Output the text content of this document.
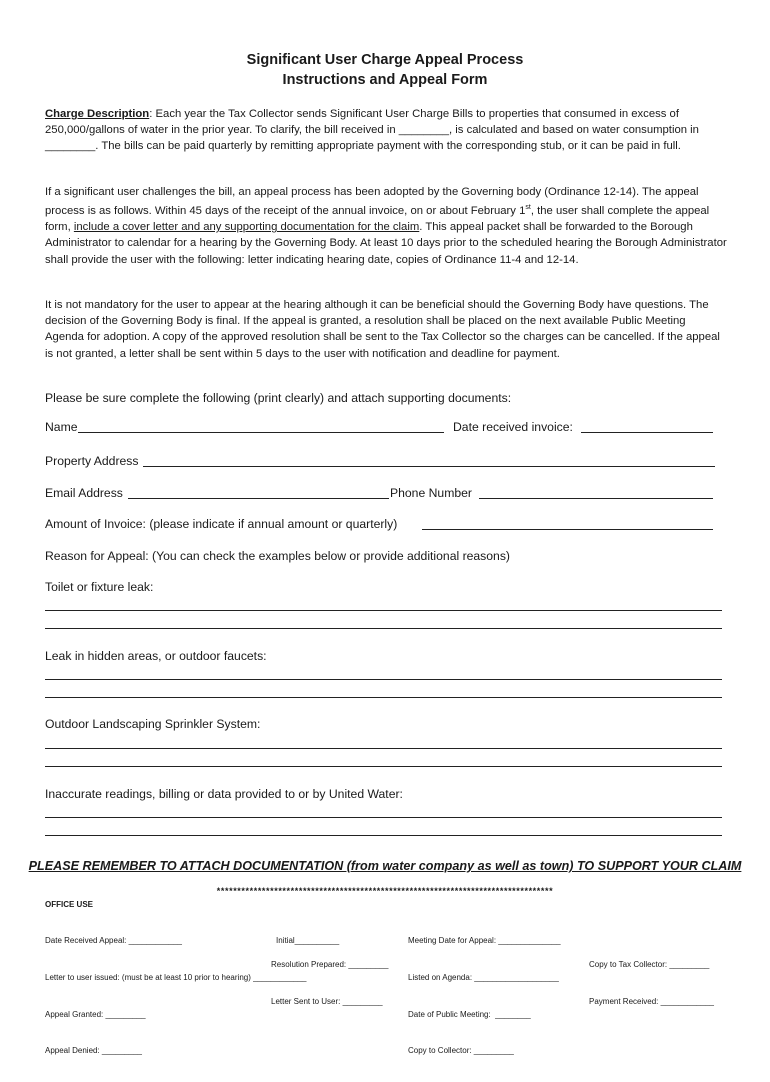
Significant User Charge Appeal Process
Instructions and Appeal Form

Charge Description: Each year the Tax Collector sends Significant User Charge Bills to properties that consumed in excess of 250,000/gallons of water in the prior year. To clarify, the bill received in ________, is calculated and based on water consumption in ________. The bills can be paid quarterly by remitting appropriate payment with the corresponding stub, or it can be paid in full.

If a significant user challenges the bill, an appeal process has been adopted by the Governing body (Ordinance 12-14). The appeal process is as follows. Within 45 days of the receipt of the annual invoice, on or about February 1st, the user shall complete the appeal form, include a cover letter and any supporting documentation for the claim. This appeal packet shall be forwarded to the Borough Administrator to calendar for a hearing by the Governing Body. At least 10 days prior to the scheduled hearing the Borough Administrator shall provide the user with the following: letter indicating hearing date, copies of Ordinance 11-4 and 12-14.

It is not mandatory for the user to appear at the hearing although it can be beneficial should the Governing Body have questions. The decision of the Governing Body is final. If the appeal is granted, a resolution shall be placed on the next available Public Meeting Agenda for adoption. A copy of the approved resolution shall be sent to the Tax Collector so the charges can be cancelled. If the appeal is not granted, a letter shall be sent within 5 days to the user with notification and deadline for payment.

Please be sure complete the following (print clearly) and attach supporting documents:
Name	Date received invoice:
Property Address
Email Address	Phone Number
Amount of Invoice: (please indicate if annual amount or quarterly)
Reason for Appeal: (You can check the examples below or provide additional reasons)
Toilet or fixture leak:
Leak in hidden areas, or outdoor faucets:
Outdoor Landscaping Sprinkler System:
Inaccurate readings, billing or data provided to or by United Water:
PLEASE REMEMBER TO ATTACH DOCUMENTATION (from water company as well as town) TO SUPPORT YOUR CLAIM
**********************************************************************************
OFFICE USE

Date Received Appeal: ____________

Letter to user issued: (must be at least 10 prior to hearing) ____________

Appeal Granted: _________

Appeal Denied: _________

Initial__________

Resolution Prepared: _________

Letter Sent to User: _________

Meeting Date for Appeal: ______________

Listed on Agenda: ___________________

Date of Public Meeting:  ________

Copy to Collector: _________

Copy to Tax Collector: _________

Payment Received: ____________
